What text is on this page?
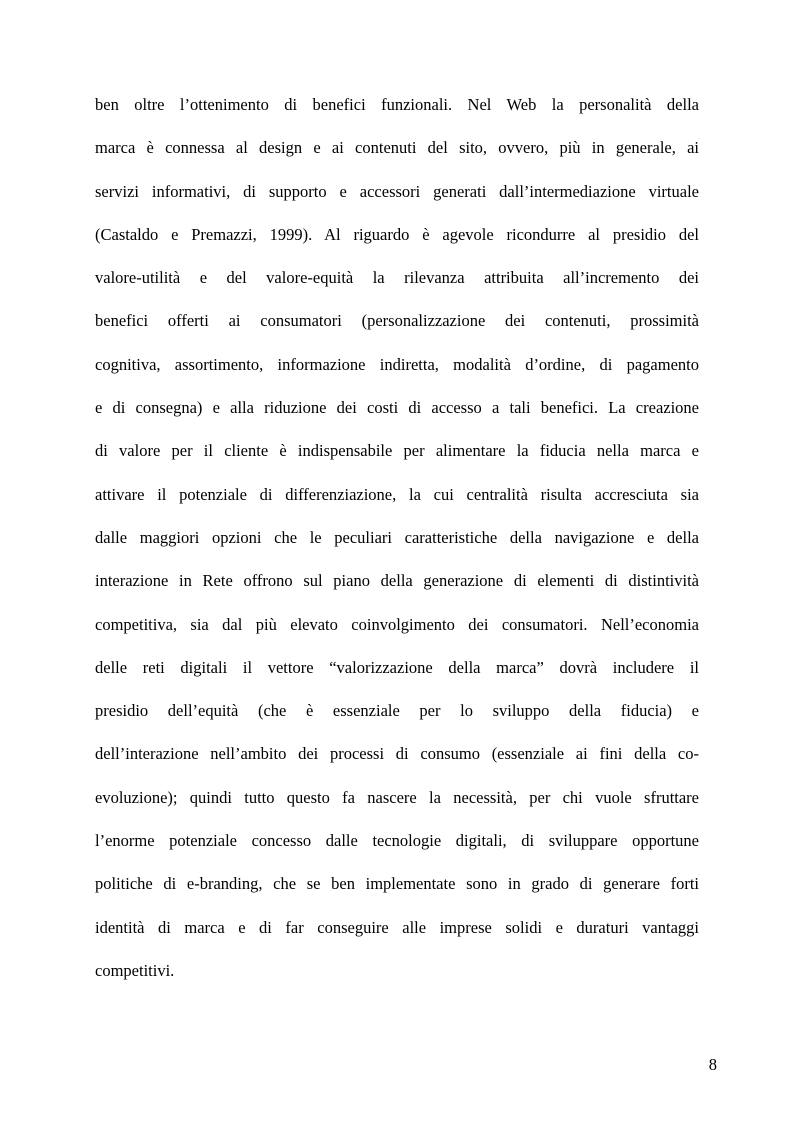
ben oltre l’ottenimento di benefici funzionali. Nel Web la personalità della
marca è connessa al design e ai contenuti del sito, ovvero, più in generale, ai
servizi informativi, di supporto e accessori generati dall’intermediazione virtuale
(Castaldo e Premazzi, 1999). Al riguardo è agevole ricondurre al presidio del
valore-utilità e del valore-equità la rilevanza attribuita all’incremento dei
benefici offerti ai consumatori (personalizzazione dei contenuti, prossimità
cognitiva, assortimento, informazione indiretta, modalità d’ordine, di pagamento
e di consegna) e alla riduzione dei costi di accesso a tali benefici. La creazione
di valore per il cliente è indispensabile per alimentare la fiducia nella marca e
attivare il potenziale di differenziazione, la cui centralità risulta accresciuta sia
dalle maggiori opzioni che le peculiari caratteristiche della navigazione e della
interazione in Rete offrono sul piano della generazione di elementi di distintività
competitiva, sia dal più elevato coinvolgimento dei consumatori. Nell’economia
delle reti digitali il vettore “valorizzazione della marca” dovrà includere il
presidio dell’equità (che è essenziale per lo sviluppo della fiducia) e
dell’interazione nell’ambito dei processi di consumo (essenziale ai fini della co-
evoluzione); quindi tutto questo fa nascere la necessità, per chi vuole sfruttare
l’enorme potenziale concesso dalle tecnologie digitali, di sviluppare opportune
politiche di e-branding, che se ben implementate sono in grado di generare forti
identità di marca e di far conseguire alle imprese solidi e duraturi vantaggi
competitivi.
8
